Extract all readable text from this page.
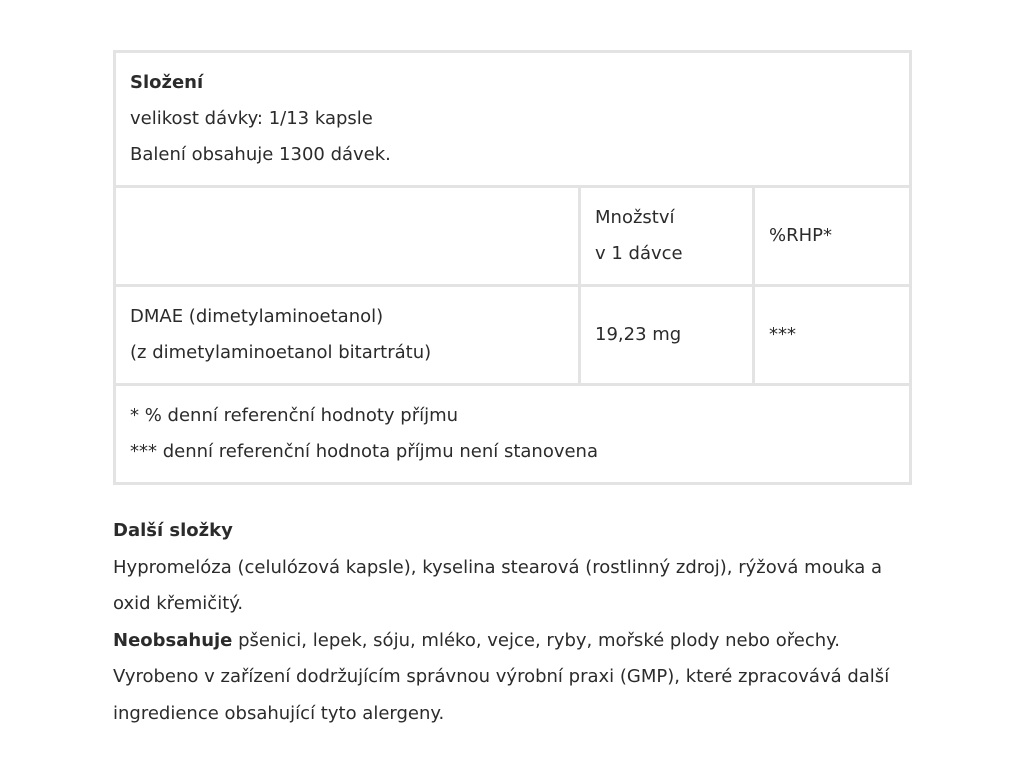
Složení
velikost dávky: 1/13 kapsle
Balení obsahuje 1300 dávek.		

	Množství
v 1 dávce	%RHP*

DMAE (dimetylaminoetanol)
(z dimetylaminoetanol bitartrátu)	19,23 mg	***

* % denní referenční hodnoty příjmu
*** denní referenční hodnota příjmu není stanovena		

Další složky

Hypromelóza (celulózová kapsle), kyselina stearová (rostlinný zdroj), rýžová mouka a oxid křemičitý.

Neobsahuje pšenici, lepek, sóju, mléko, vejce, ryby, mořské plody nebo ořechy.

Vyrobeno v zařízení dodržujícím správnou výrobní praxi (GMP), které zpracovává další ingredience obsahující tyto alergeny.
